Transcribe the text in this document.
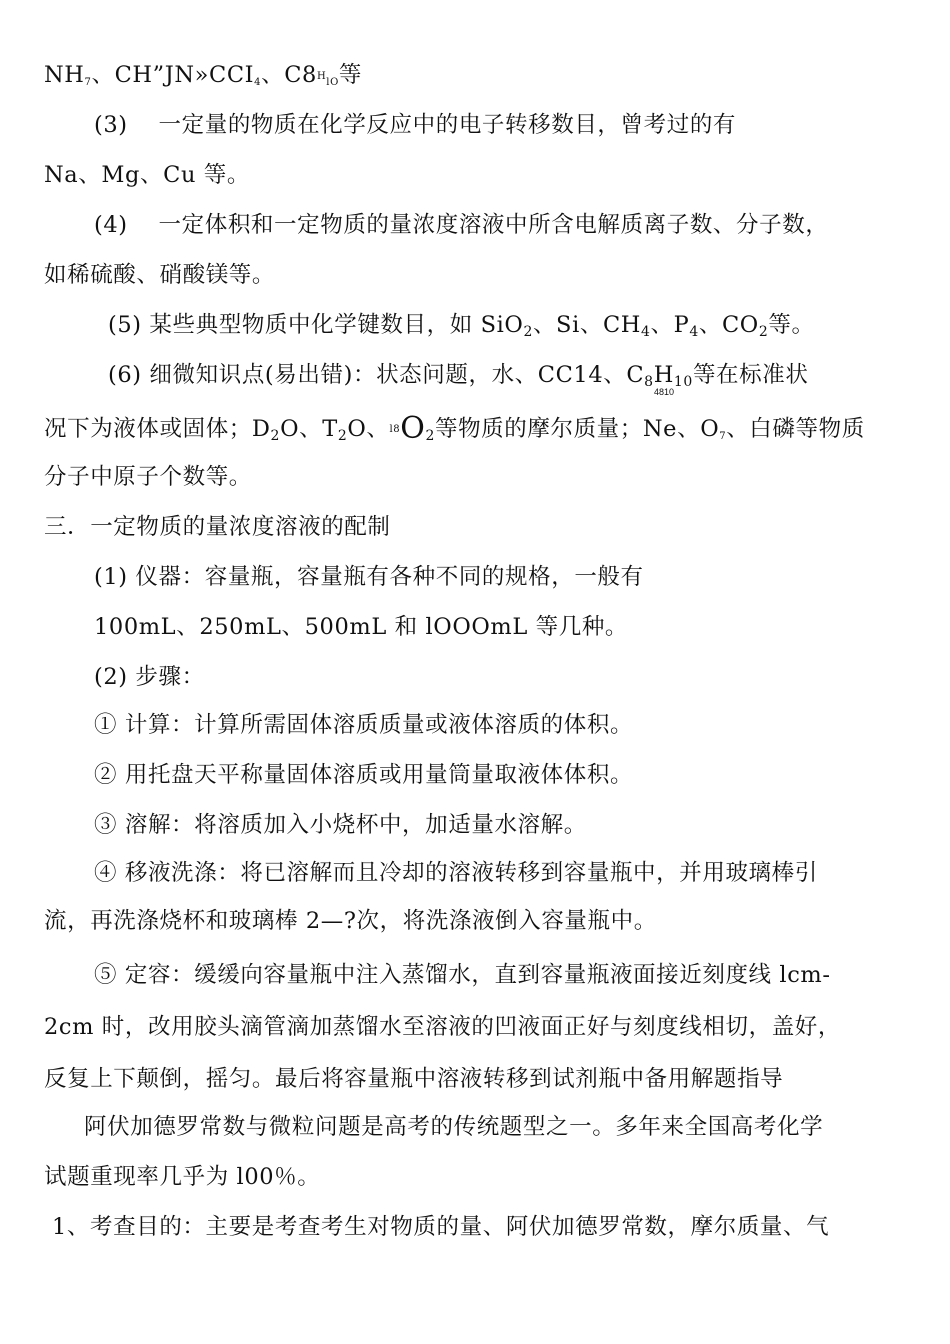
NH7、CH”JN»CCI4、C8HlO等
(3)　 一定量的物质在化学反应中的电子转移数目，曾考过的有
Na、Mg、Cu 等。
(4)　 一定体积和一定物质的量浓度溶液中所含电解质离子数、分子数，
如稀硫酸、硝酸镁等。
(5) 某些典型物质中化学键数目，如 SiO$_2$、Si、$CH_4$、$P_4$、$CO_2$等。
(6) 细微知识点(易出错)：状态问题，水、CC14、$C_8H_{10}$等在标准状
4810
况下为液体或固体；$D_2O$、$T_2O$、$l8O_2$等物质的摩尔质量；Ne、O7、白磷等物质
分子中原子个数等。
三．一定物质的量浓度溶液的配制
(1) 仪器：容量瓶，容量瓶有各种不同的规格，一般有
100mL、250mL、500mL 和 lOOOmL 等几种。
(2) 步骤：
① 计算：计算所需固体溶质质量或液体溶质的体积。
② 用托盘天平称量固体溶质或用量筒量取液体体积。
③ 溶解：将溶质加入小烧杯中，加适量水溶解。
④ 移液洗涤：将已溶解而且冷却的溶液转移到容量瓶中，并用玻璃棒引
流，再洗涤烧杯和玻璃棒 2—?次，将洗涤液倒入容量瓶中。
⑤ 定容：缓缓向容量瓶中注入蒸馏水，直到容量瓶液面接近刻度线 lcm-
2cm 时，改用胶头滴管滴加蒸馏水至溶液的凹液面正好与刻度线相切，盖好，
反复上下颠倒，摇匀。最后将容量瓶中溶液转移到试剂瓶中备用解题指导
阿伏加德罗常数与微粒问题是高考的传统题型之一。多年来全国高考化学
试题重现率几乎为 l00％。
1、考查目的：主要是考查考生对物质的量、阿伏加德罗常数，摩尔质量、气
